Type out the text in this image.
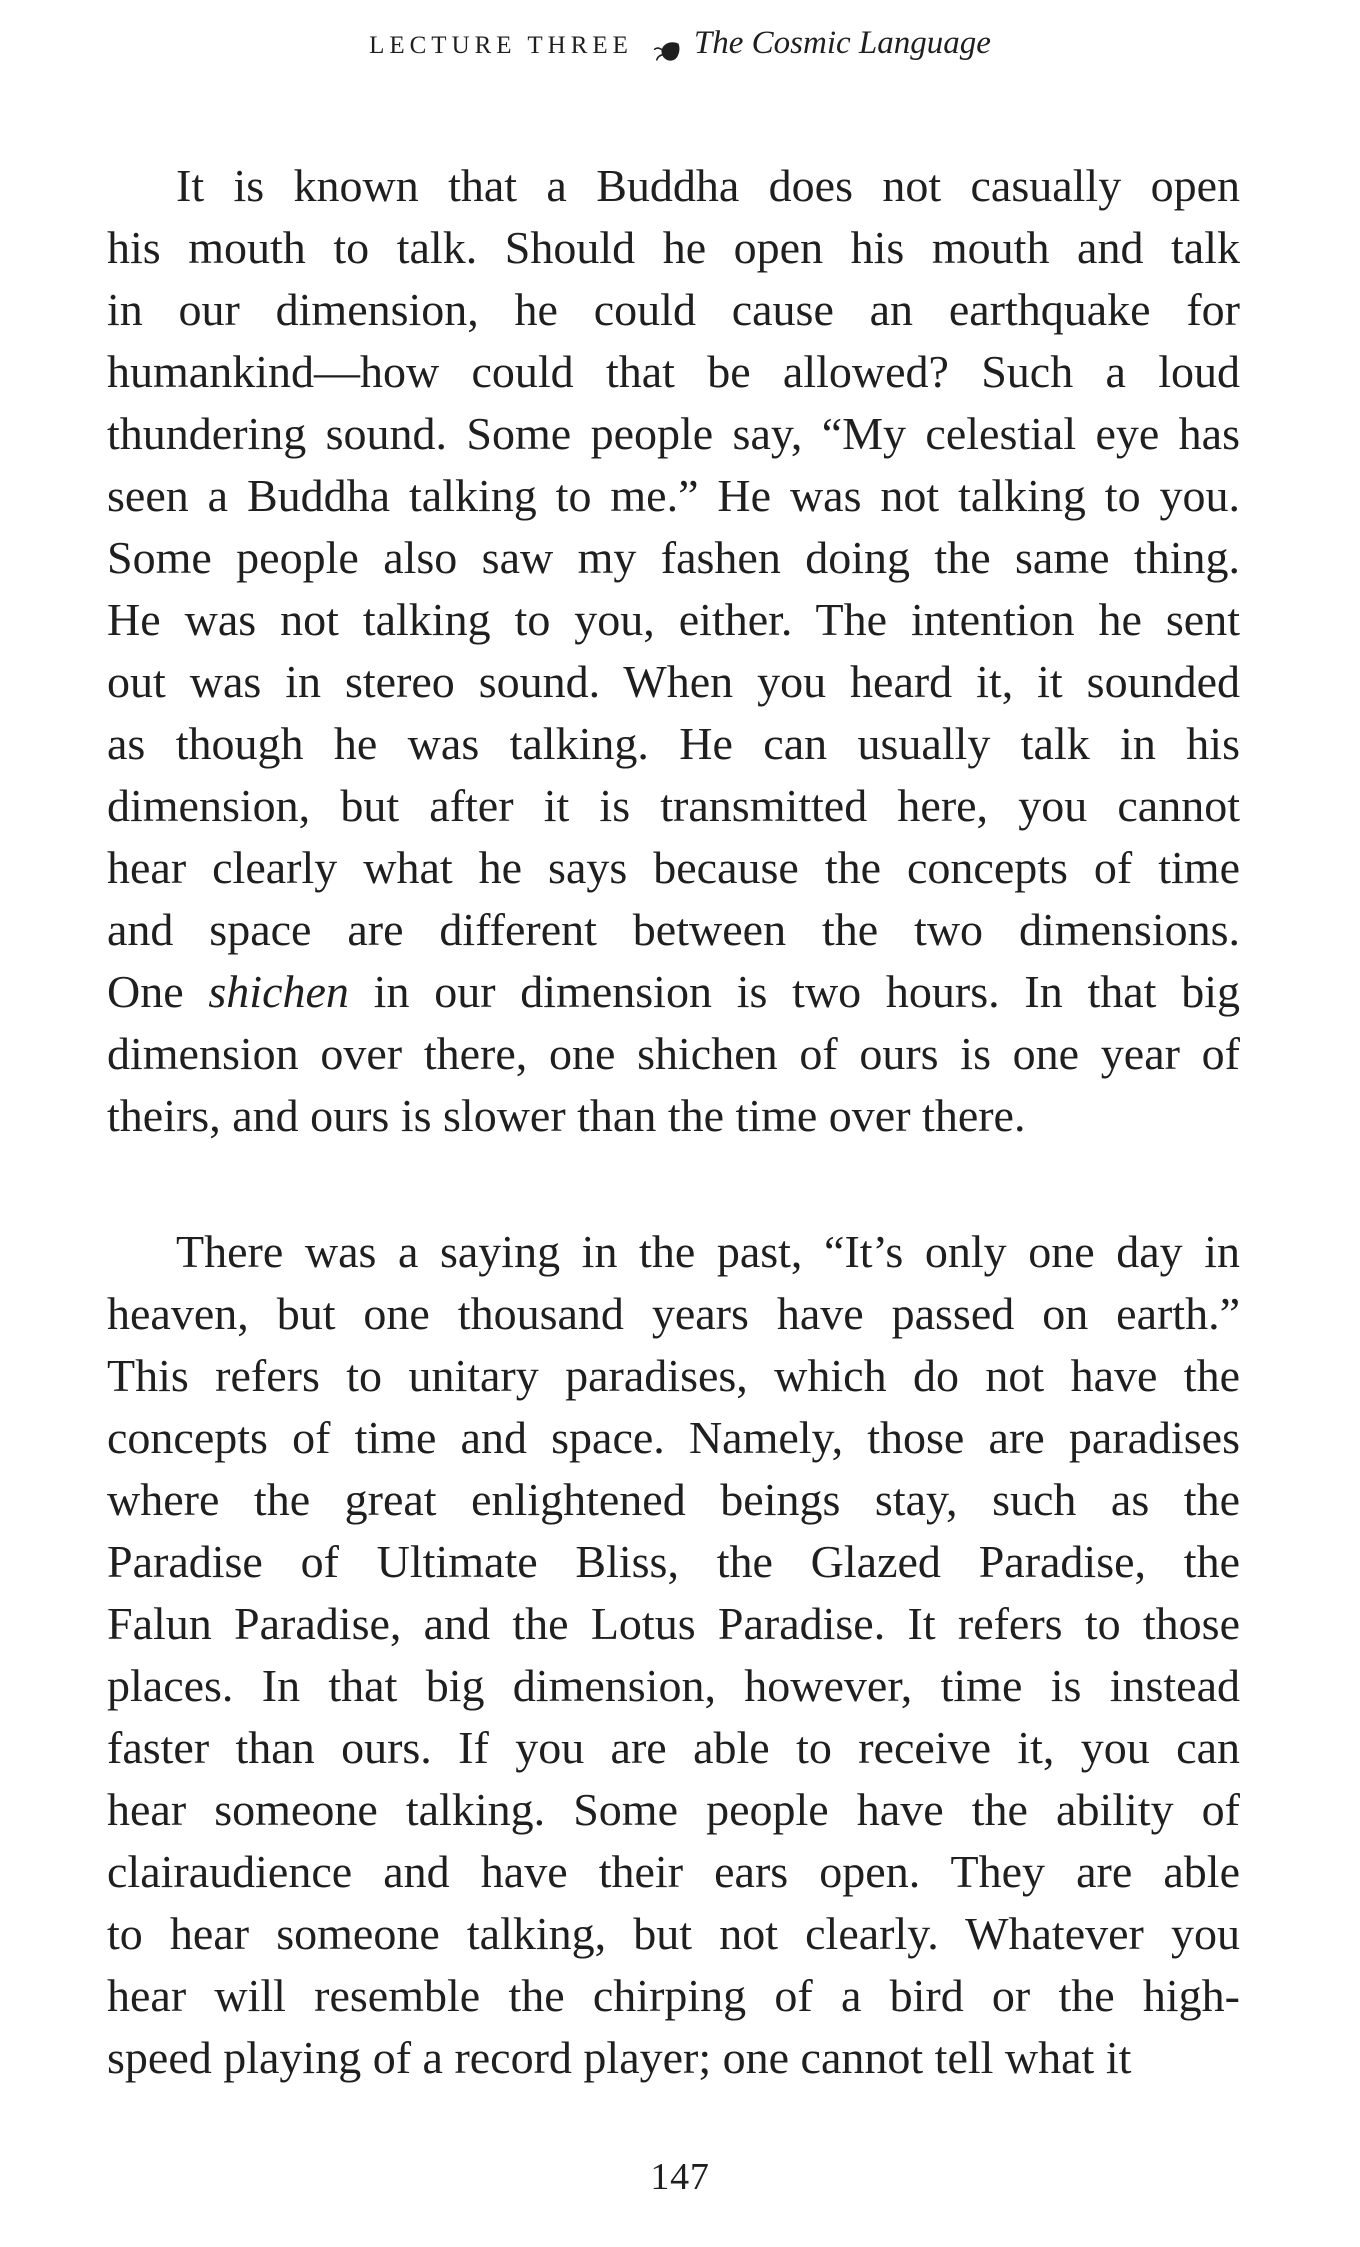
LECTURE THREE The Cosmic Language
It is known that a Buddha does not casually open
his mouth to talk. Should he open his mouth and talk
in our dimension, he could cause an earthquake for
humankind—how could that be allowed? Such a loud
thundering sound. Some people say, “My celestial eye has
seen a Buddha talking to me.” He was not talking to you.
Some people also saw my fashen doing the same thing.
He was not talking to you, either. The intention he sent
out was in stereo sound. When you heard it, it sounded
as though he was talking. He can usually talk in his
dimension, but after it is transmitted here, you cannot
hear clearly what he says because the concepts of time
and space are different between the two dimensions.
One shichen in our dimension is two hours. In that big
dimension over there, one shichen of ours is one year of
theirs, and ours is slower than the time over there.
There was a saying in the past, “It’s only one day in
heaven, but one thousand years have passed on earth.”
This refers to unitary paradises, which do not have the
concepts of time and space. Namely, those are paradises
where the great enlightened beings stay, such as the
Paradise of Ultimate Bliss, the Glazed Paradise, the
Falun Paradise, and the Lotus Paradise. It refers to those
places. In that big dimension, however, time is instead
faster than ours. If you are able to receive it, you can
hear someone talking. Some people have the ability of
clairaudience and have their ears open. They are able
to hear someone talking, but not clearly. Whatever you
hear will resemble the chirping of a bird or the high-
speed playing of a record player; one cannot tell what it
147
